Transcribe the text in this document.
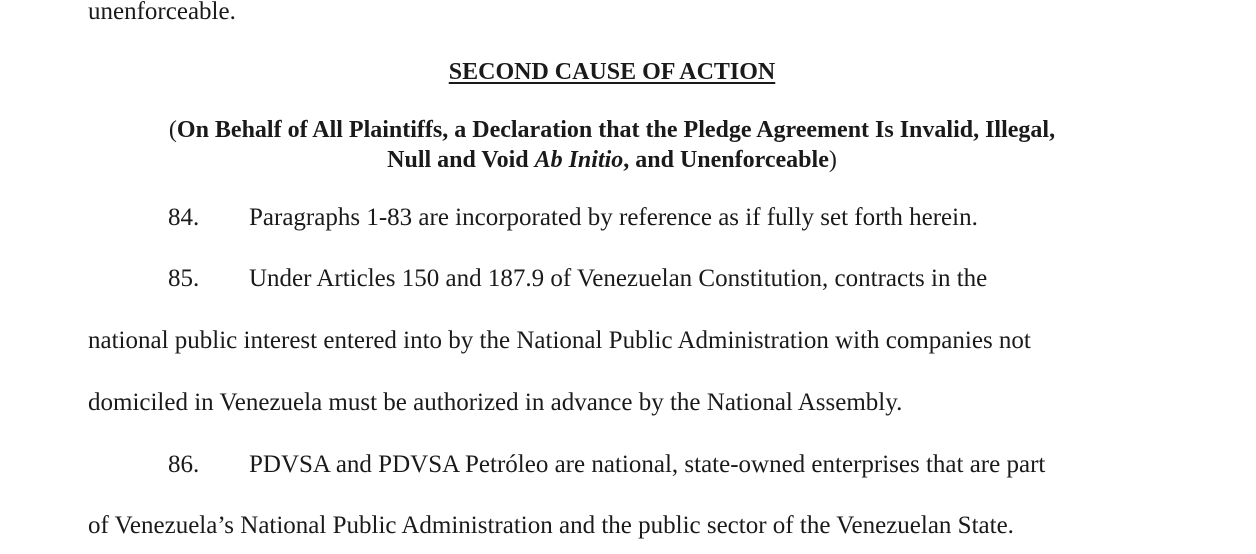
unenforceable.
SECOND CAUSE OF ACTION
(On Behalf of All Plaintiffs, a Declaration that the Pledge Agreement Is Invalid, Illegal,
Null and Void Ab Initio, and Unenforceable)
84. Paragraphs 1-83 are incorporated by reference as if fully set forth herein.
85. Under Articles 150 and 187.9 of Venezuelan Constitution, contracts in the
national public interest entered into by the National Public Administration with companies not
domiciled in Venezuela must be authorized in advance by the National Assembly.
86. PDVSA and PDVSA Petróleo are national, state-owned enterprises that are part
of Venezuela’s National Public Administration and the public sector of the Venezuelan State.
